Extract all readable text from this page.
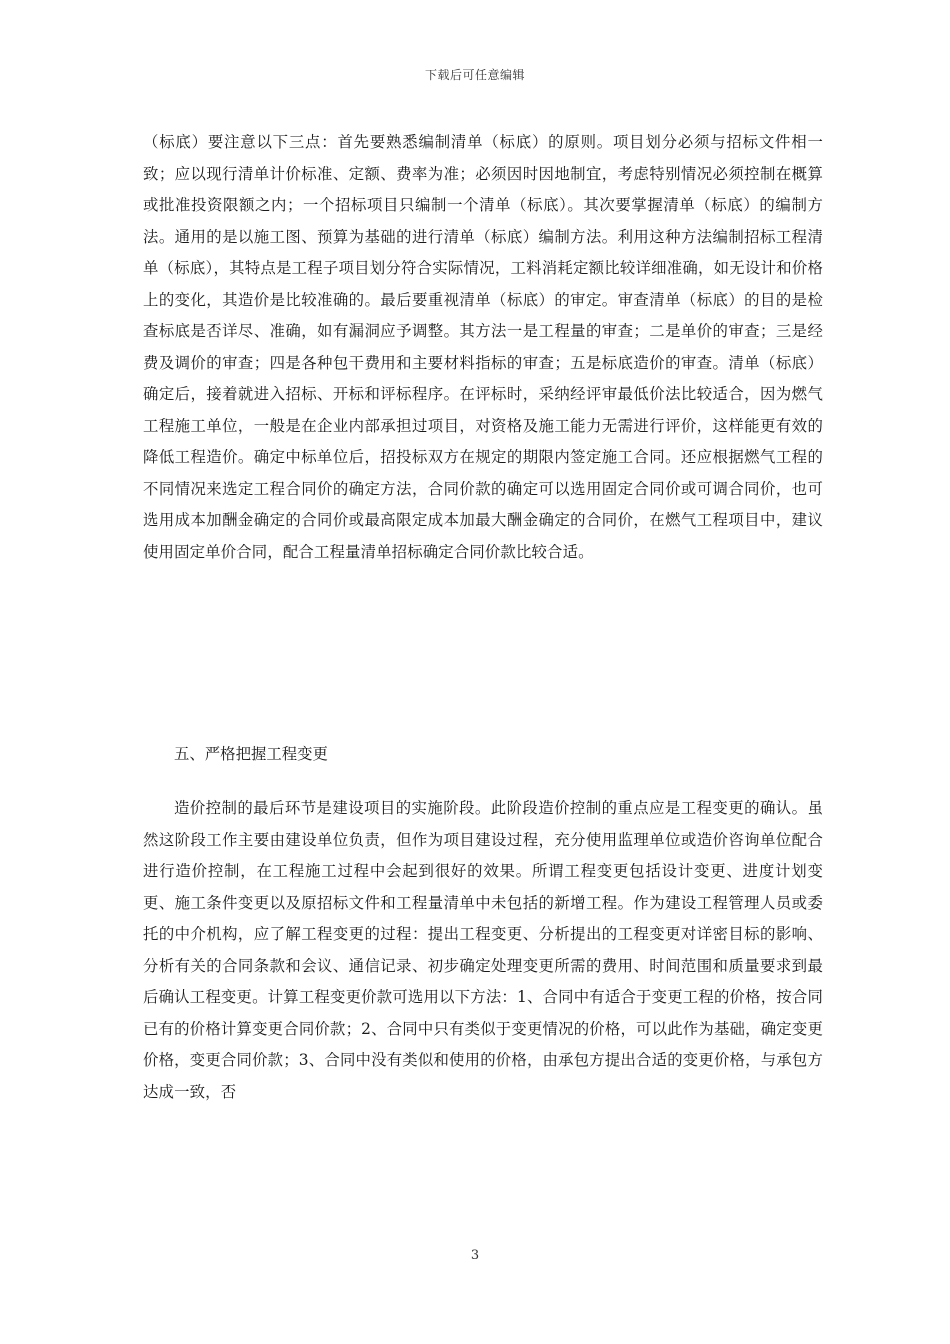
下载后可任意编辑

（标底）要注意以下三点：首先要熟悉编制清单（标底）的原则。项目划分必须与招标文件相一致；应以现行清单计价标准、定额、费率为准；必须因时因地制宜，考虑特别情况必须控制在概算或批准投资限额之内；一个招标项目只编制一个清单（标底）。其次要掌握清单（标底）的编制方法。通用的是以施工图、预算为基础的进行清单（标底）编制方法。利用这种方法编制招标工程清单（标底），其特点是工程子项目划分符合实际情况，工料消耗定额比较详细准确，如无设计和价格上的变化，其造价是比较准确的。最后要重视清单（标底）的审定。审查清单（标底）的目的是检查标底是否详尽、准确，如有漏洞应予调整。其方法一是工程量的审查；二是单价的审查；三是经费及调价的审查；四是各种包干费用和主要材料指标的审查；五是标底造价的审查。清单（标底）确定后，接着就进入招标、开标和评标程序。在评标时，采纳经评审最低价法比较适合，因为燃气工程施工单位，一般是在企业内部承担过项目，对资格及施工能力无需进行评价，这样能更有效的降低工程造价。确定中标单位后，招投标双方在规定的期限内签定施工合同。还应根据燃气工程的不同情况来选定工程合同价的确定方法，合同价款的确定可以选用固定合同价或可调合同价，也可选用成本加酬金确定的合同价或最高限定成本加最大酬金确定的合同价，在燃气工程项目中，建议使用固定单价合同，配合工程量清单招标确定合同价款比较合适。

五、严格把握工程变更

造价控制的最后环节是建设项目的实施阶段。此阶段造价控制的重点应是工程变更的确认。虽然这阶段工作主要由建设单位负责，但作为项目建设过程，充分使用监理单位或造价咨询单位配合进行造价控制，在工程施工过程中会起到很好的效果。所谓工程变更包括设计变更、进度计划变更、施工条件变更以及原招标文件和工程量清单中未包括的新增工程。作为建设工程管理人员或委托的中介机构，应了解工程变更的过程：提出工程变更、分析提出的工程变更对详密目标的影响、分析有关的合同条款和会议、通信记录、初步确定处理变更所需的费用、时间范围和质量要求到最后确认工程变更。计算工程变更价款可选用以下方法：1、合同中有适合于变更工程的价格，按合同已有的价格计算变更合同价款；2、合同中只有类似于变更情况的价格，可以此作为基础，确定变更价格，变更合同价款；3、合同中没有类似和使用的价格，由承包方提出合适的变更价格，与承包方达成一致，否

3
